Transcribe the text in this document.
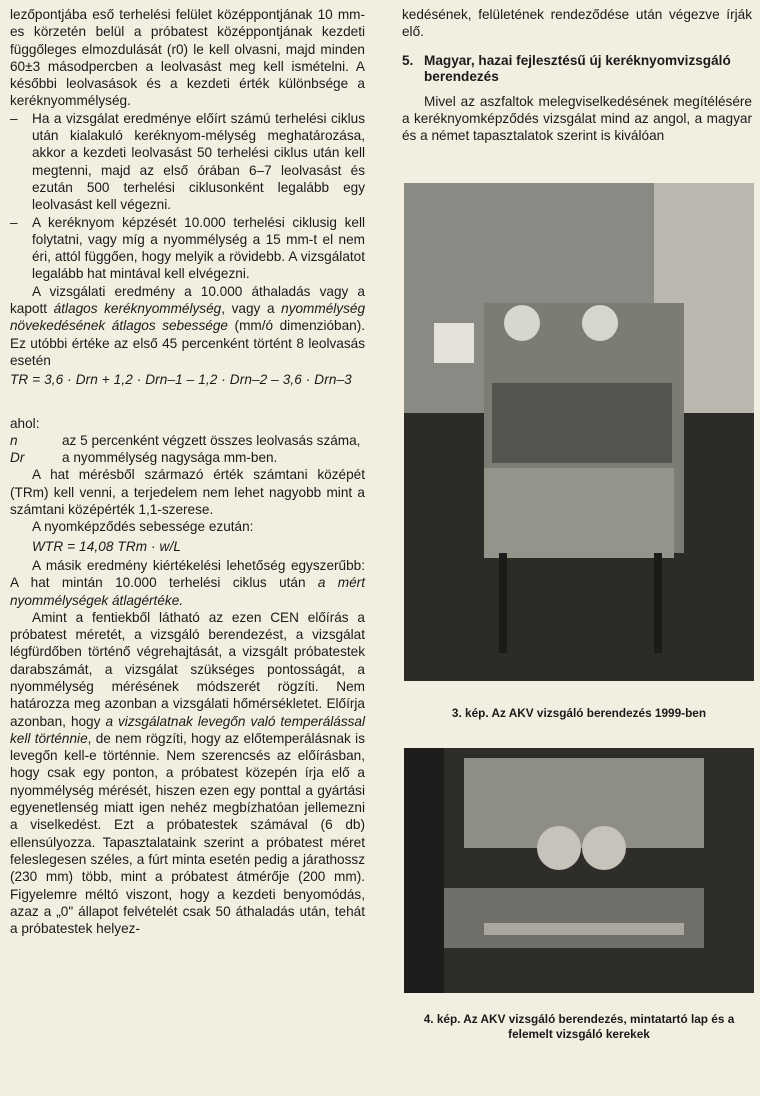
lezőpontjába eső terhelési felület középpontjának 10 mm-es körzetén belül a próbatest középpontjának kezdeti függőleges elmozdulását (r0) le kell olvasni, majd minden 60±3 másodpercben a leolvasást meg kell ismételni. A későbbi leolvasások és a kezdeti érték különbsége a keréknyommélység.

–	Ha a vizsgálat eredménye előírt számú terhelési ciklus után kialakuló keréknyom-mélység meghatározása, akkor a kezdeti leolvasást 50 terhelési ciklus után kell megtenni, majd az első órában 6–7 leolvasást és ezután 500 terhelési ciklusonként legalább egy leolvasást kell végezni.
–	A keréknyom képzését 10.000 terhelési ciklusig kell folytatni, vagy míg a nyommélység a 15 mm-t el nem éri, attól függően, hogy melyik a rövidebb. A vizsgálatot legalább hat mintával kell elvégezni.

A vizsgálati eredmény a 10.000 áthaladás vagy a kapott átlagos keréknyommélység, vagy a nyommélység növekedésének átlagos sebessége (mm/ó dimenzióban). Ez utóbbi értéke az első 45 percenként történt 8 leolvasás esetén

TR = 3,6 · Drn + 1,2 · Drn–1 – 1,2 · Drn–2 – 3,6 · Drn–3

ahol:

n	az 5 percenként végzett összes leolvasás száma,
Dr	a nyommélység nagysága mm-ben.

A hat mérésből származó érték számtani középét (TRm) kell venni, a terjedelem nem lehet nagyobb mint a számtani középérték 1,1-szerese.

A nyomképződés sebessége ezután:

WTR = 14,08 TRm · w/L

A másik eredmény kiértékelési lehetőség egyszerűbb: A hat mintán 10.000 terhelési ciklus után a mért nyommélységek átlagértéke.

Amint a fentiekből látható az ezen CEN előírás a próbatest méretét, a vizsgáló berendezést, a vizsgálat légfürdőben történő végrehajtását, a vizsgált próbatestek darabszámát, a vizsgálat szükséges pontosságát, a nyommélység mérésének módszerét rögzíti. Nem határozza meg azonban a vizsgálati hőmérsékletet. Előírja azonban, hogy a vizsgálatnak levegőn való temperálással kell történnie, de nem rögzíti, hogy az előtemperálásnak is levegőn kell-e történnie. Nem szerencsés az előírásban, hogy csak egy ponton, a próbatest közepén írja elő a nyommélység mérését, hiszen ezen egy ponttal a gyártási egyenetlenség miatt igen nehéz megbízhatóan jellemezni a viselkedést. Ezt a próbatestek számával (6 db) ellensúlyozza. Tapasztalataink szerint a próbatest méret feleslegesen széles, a fúrt minta esetén pedig a járathossz (230 mm) több, mint a próbatest átmérője (200 mm). Figyelemre méltó viszont, hogy a kezdeti benyomódás, azaz a „0" állapot felvételét csak 50 áthaladás után, tehát a próbatestek helyez-

kedésének, felületének rendeződése után végezve írják elő.

5. Magyar, hazai fejlesztésű új keréknyomvizsgáló berendezés

Mivel az aszfaltok melegviselkedésének megítélésére a keréknyomképződés vizsgálat mind az angol, a magyar és a német tapasztalatok szerint is kiválóan

3. kép. Az AKV vizsgáló berendezés 1999-ben
4. kép. Az AKV vizsgáló berendezés, mintatartó lap és a felemelt vizsgáló kerekek
